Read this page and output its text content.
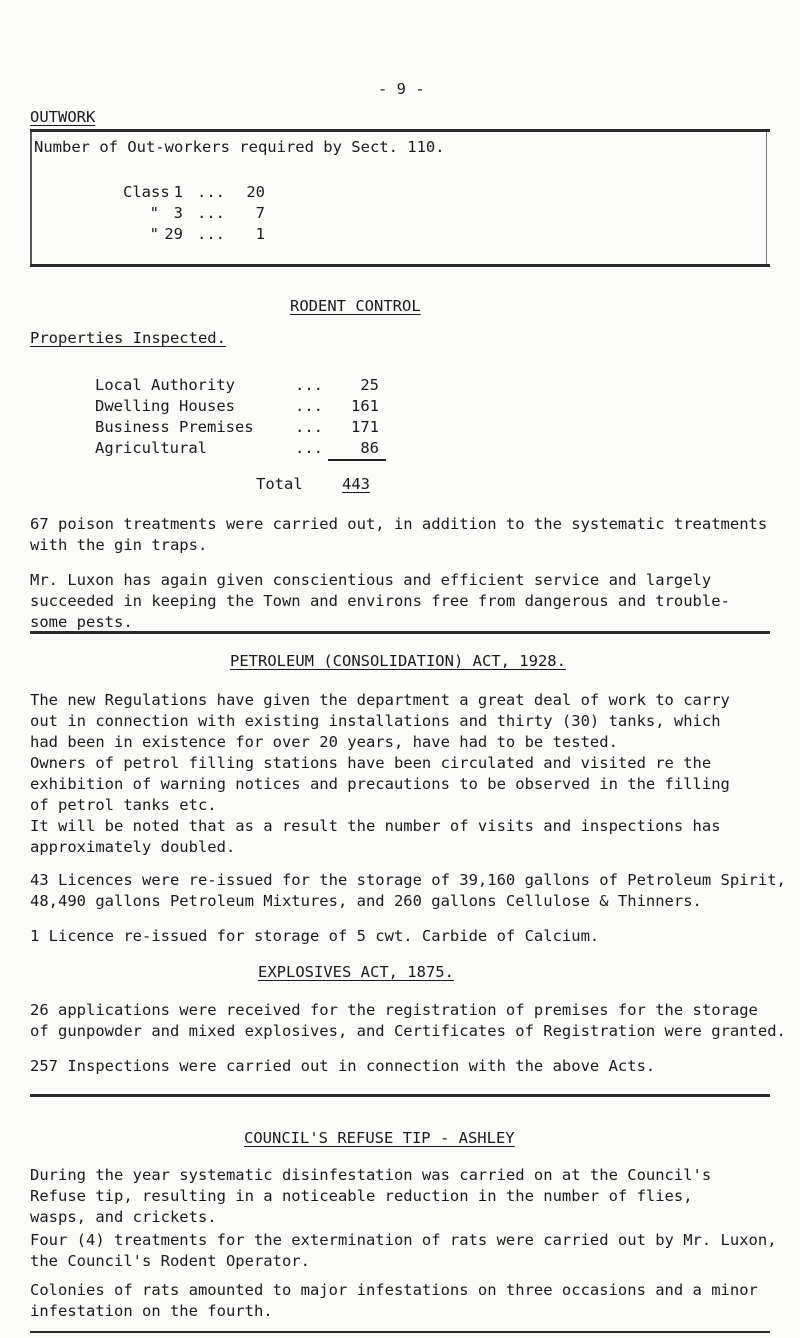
- 9 -
OUTWORK
Number of Out-workers required by Sect. 110.
Class 1 ...	20
" 3 ...	7
" 29 ...	1
RODENT CONTROL
Properties Inspected.
Local Authority	...	25
Dwelling Houses	...	161
Business Premises	...	171
Agricultural	...	86
Total	443
67 poison treatments were carried out, in addition to the systematic treatments
with the gin traps.
Mr. Luxon has again given conscientious and efficient service and largely
succeeded in keeping the Town and environs free from dangerous and trouble-
some pests.
PETROLEUM (CONSOLIDATION) ACT, 1928.
The new Regulations have given the department a great deal of work to carry
out in connection with existing installations and thirty (30) tanks, which
had been in existence for over 20 years, have had to be tested.
Owners of petrol filling stations have been circulated and visited re the
exhibition of warning notices and precautions to be observed in the filling
of petrol tanks etc.
It will be noted that as a result the number of visits and inspections has
approximately doubled.
43 Licences were re-issued for the storage of 39,160 gallons of Petroleum Spirit,
48,490 gallons Petroleum Mixtures, and 260 gallons Cellulose & Thinners.
1 Licence re-issued for storage of 5 cwt. Carbide of Calcium.
EXPLOSIVES ACT, 1875.
26 applications were received for the registration of premises for the storage
of gunpowder and mixed explosives, and Certificates of Registration were granted.
257 Inspections were carried out in connection with the above Acts.
COUNCIL'S REFUSE TIP - ASHLEY
During the year systematic disinfestation was carried on at the Council's
Refuse tip, resulting in a noticeable reduction in the number of flies,
wasps, and crickets.
Four (4) treatments for the extermination of rats were carried out by Mr. Luxon,
the Council's Rodent Operator.
Colonies of rats amounted to major infestations on three occasions and a minor
infestation on the fourth.
